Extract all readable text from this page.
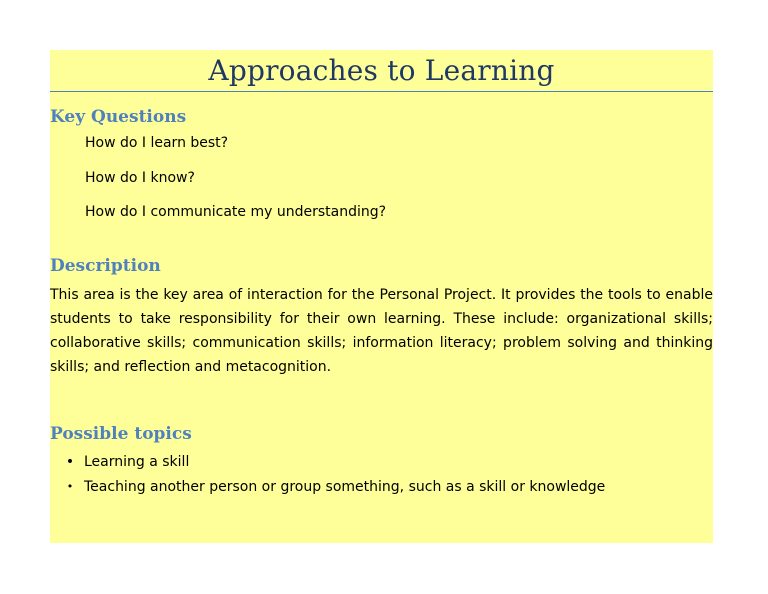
Approaches to Learning
Key Questions
How do I learn best?
How do I know?
How do I communicate my understanding?
Description

This area is the key area of interaction for the Personal Project. It provides the tools to enable students to take responsibility for their own learning. These include: organizational skills; collaborative skills; communication skills; information literacy; problem solving and thinking skills; and reflection and metacognition.

Possible topics
• Learning a skill
• Teaching another person or group something, such as a skill or knowledge
